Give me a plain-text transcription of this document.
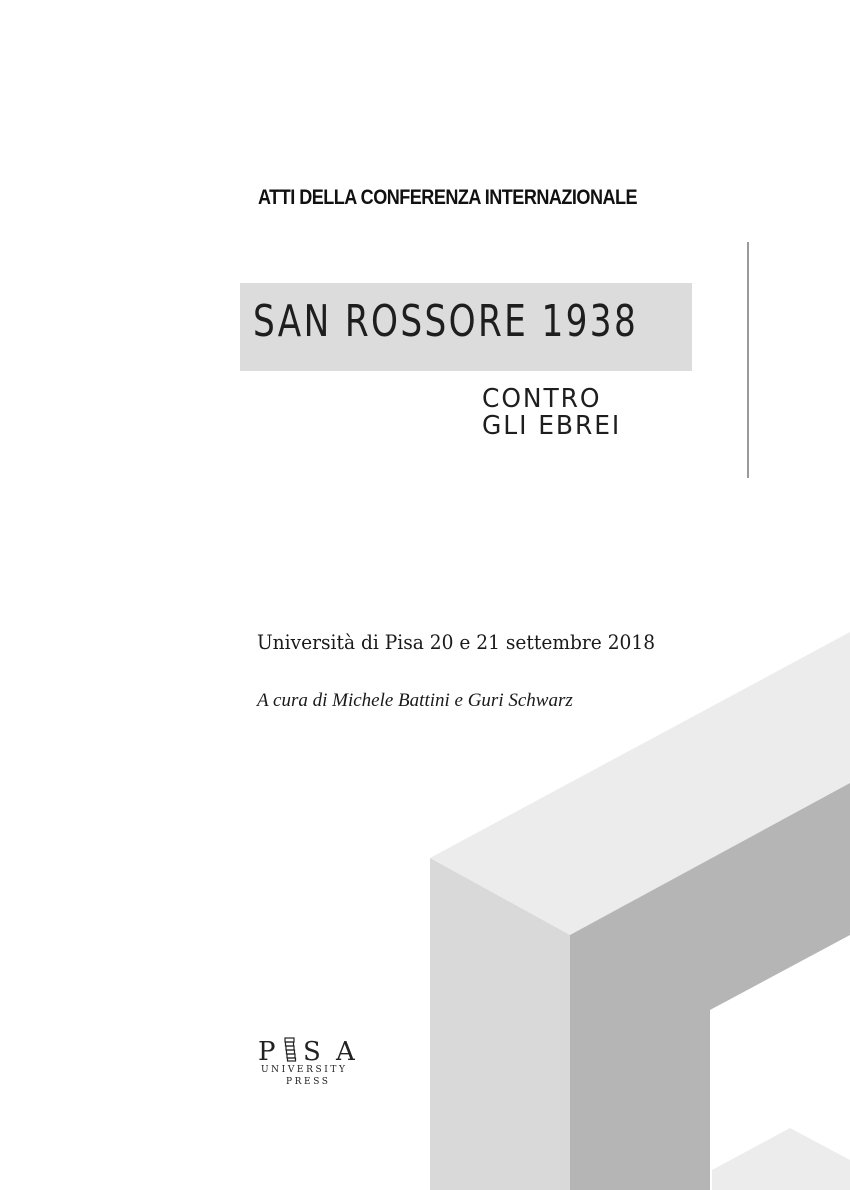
ATTI DELLA CONFERENZA INTERNAZIONALE
SAN ROSSORE 1938
CONTRO
GLI EBREI
Università di Pisa 20 e 21 settembre 2018
A cura di Michele Battini e Guri Schwarz
P S A
UNIVERSITY
PRESS
